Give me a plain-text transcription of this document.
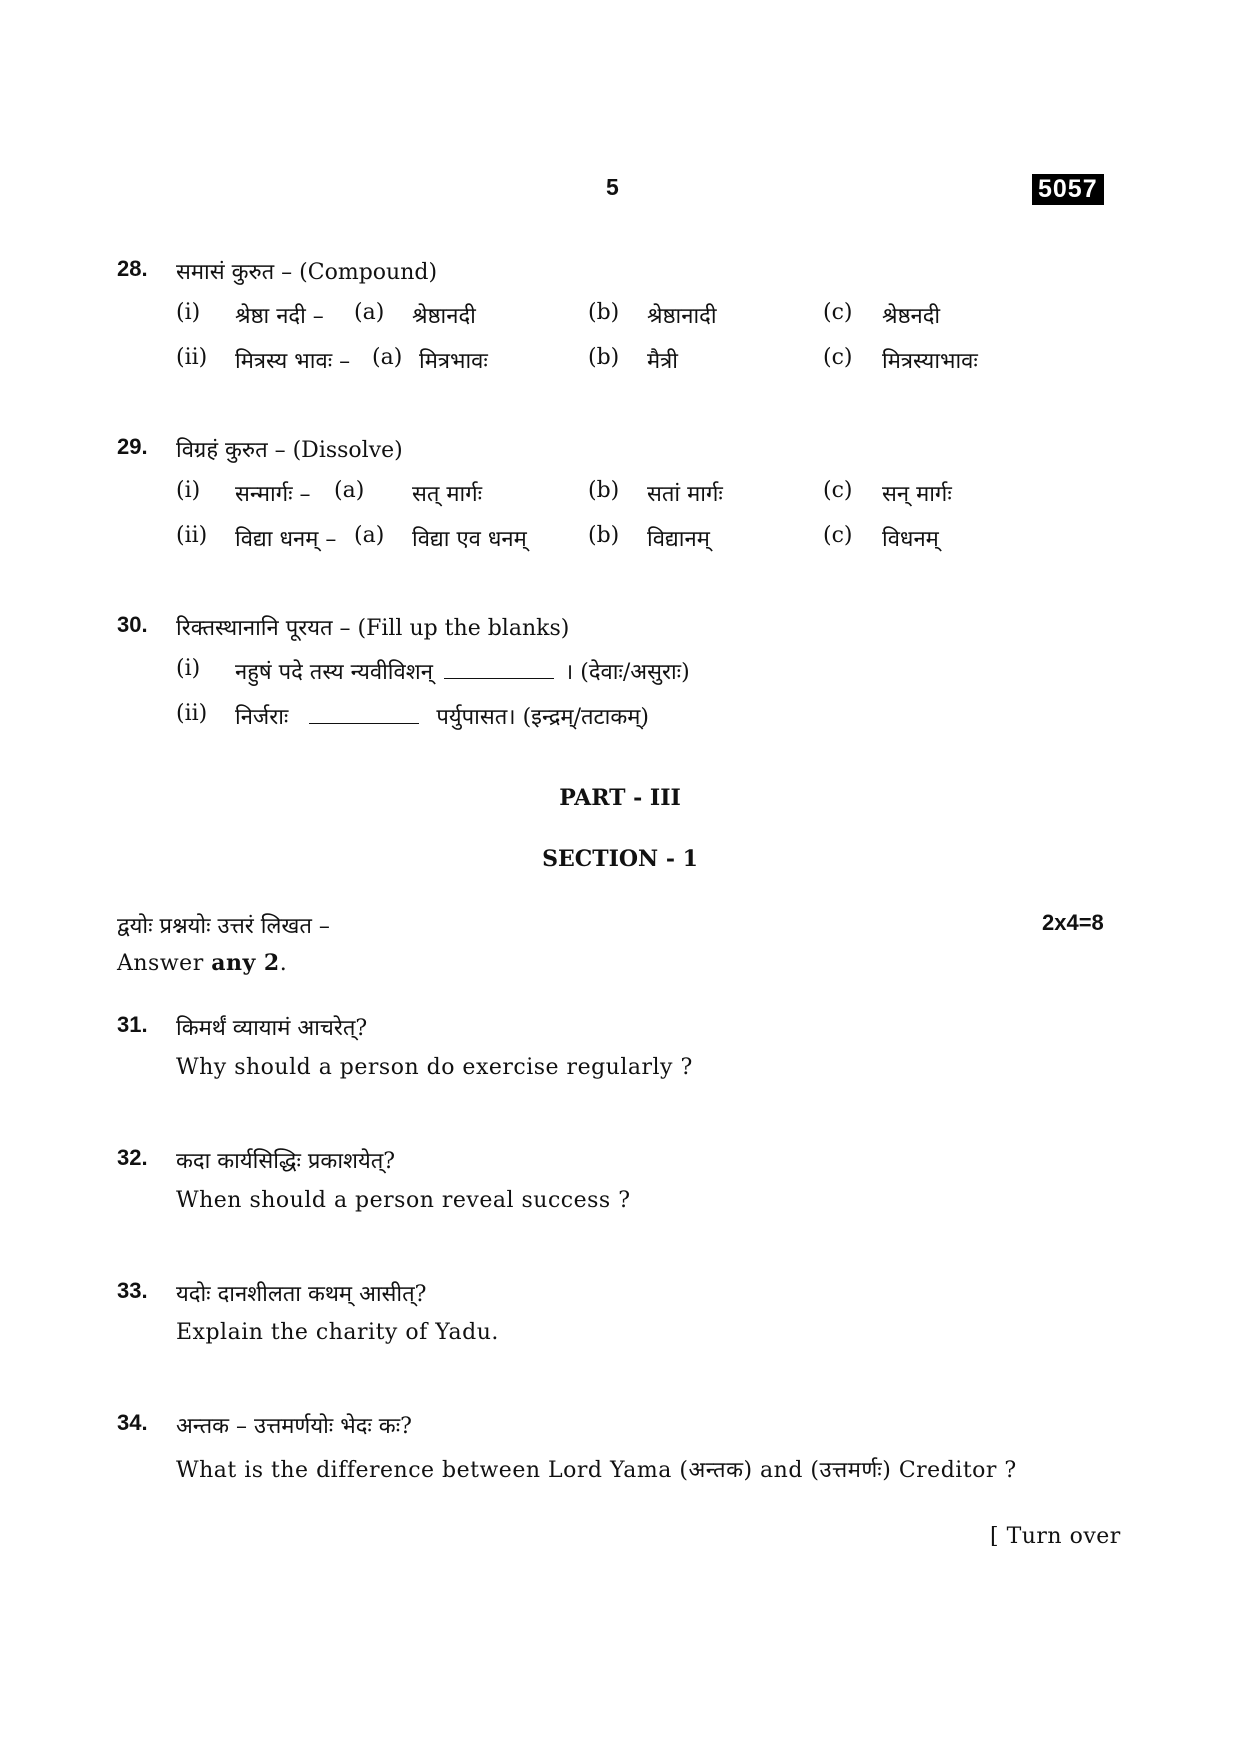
5	5057
28. समासं कुरुत – (Compound)
(i) श्रेष्ठा नदी – (a) श्रेष्ठानदी	(b) श्रेष्ठानादी	(c) श्रेष्ठनदी
(ii) मित्रस्य भावः – (a) मित्रभावः	(b) मैत्री	(c) मित्रस्याभावः
29. विग्रहं कुरुत – (Dissolve)
(i) सन्मार्गः – (a) सत् मार्गः	(b) सतां मार्गः	(c) सन् मार्गः
(ii) विद्या धनम् – (a) विद्या एव धनम्	(b) विद्यानम्	(c) विधनम्
30. रिक्तस्थानानि पूरयत – (Fill up the blanks)
(i) नहुषं पदे तस्य न्यवीविशन्	। (देवाः/असुराः)
(ii) निर्जराः	पर्युपासत। (इन्द्रम्/तटाकम्)
PART - III
SECTION - 1
द्वयोः प्रश्नयोः उत्तरं लिखत –	2x4=8
Answer any 2.
31. किमर्थं व्यायामं आचरेत्?
Why should a person do exercise regularly ?
32. कदा कार्यसिद्धिः प्रकाशयेत्?
When should a person reveal success ?
33. यदोः दानशीलता कथम् आसीत्?
Explain the charity of Yadu.
34. अन्तक – उत्तमर्णयोः भेदः कः?
What is the difference between Lord Yama (अन्तक) and (उत्तमर्णः) Creditor ?
[ Turn over
